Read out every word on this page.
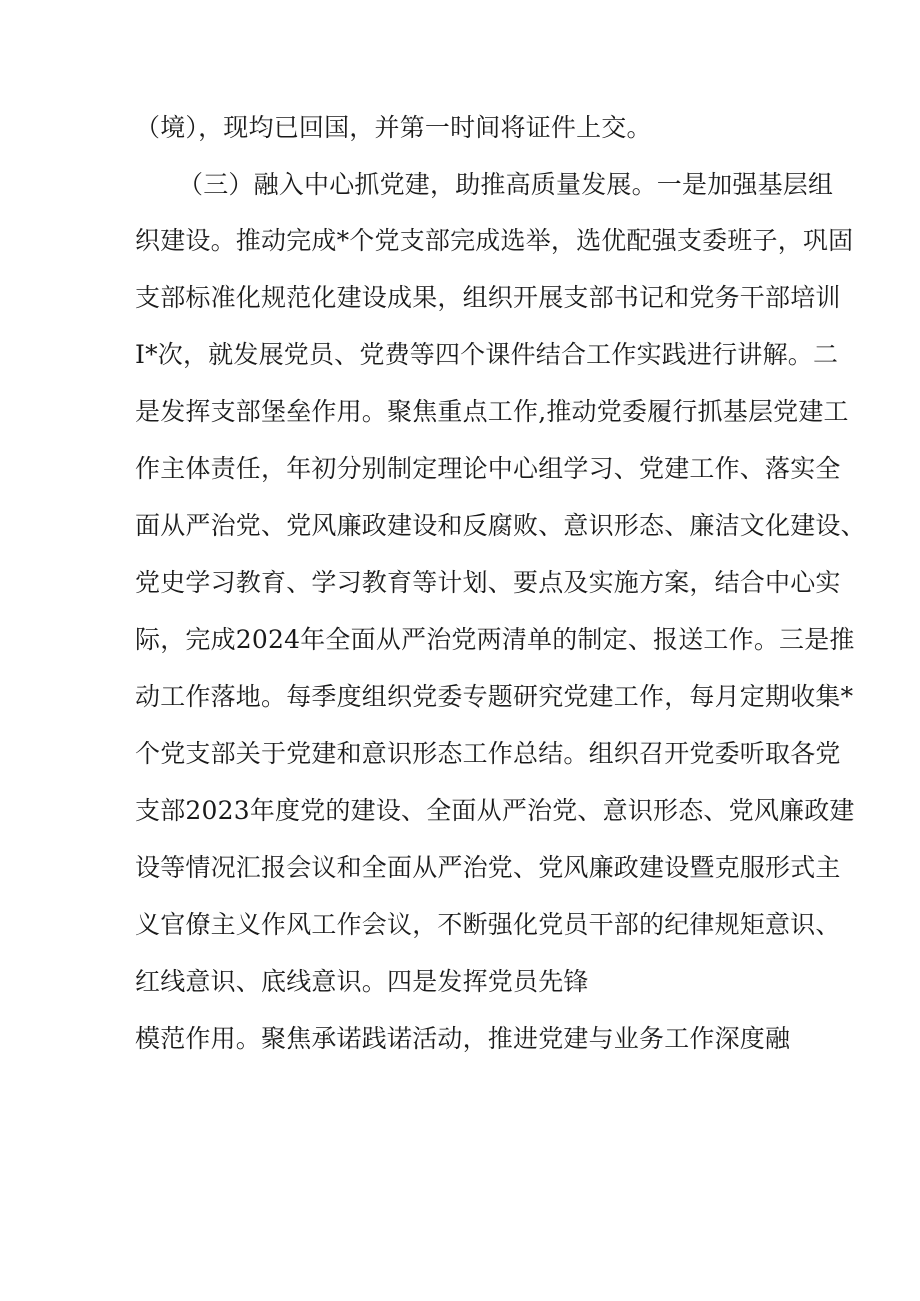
（境），现均已回国，并第一时间将证件上交。
（三）融入中心抓党建，助推高质量发展。一是加强基层组
织建设。推动完成*个党支部完成选举，选优配强支委班子，巩固
支部标准化规范化建设成果，组织开展支部书记和党务干部培训
I*次，就发展党员、党费等四个课件结合工作实践进行讲解。二
是发挥支部堡垒作用。聚焦重点工作,推动党委履行抓基层党建工
作主体责任，年初分别制定理论中心组学习、党建工作、落实全
面从严治党、党风廉政建设和反腐败、意识形态、廉洁文化建设、
党史学习教育、学习教育等计划、要点及实施方案，结合中心实
际，完成2024年全面从严治党两清单的制定、报送工作。三是推
动工作落地。每季度组织党委专题研究党建工作，每月定期收集*
个党支部关于党建和意识形态工作总结。组织召开党委听取各党
支部2023年度党的建设、全面从严治党、意识形态、党风廉政建
设等情况汇报会议和全面从严治党、党风廉政建设暨克服形式主
义官僚主义作风工作会议，不断强化党员干部的纪律规矩意识、
红线意识、底线意识。四是发挥党员先锋
模范作用。聚焦承诺践诺活动，推进党建与业务工作深度融
